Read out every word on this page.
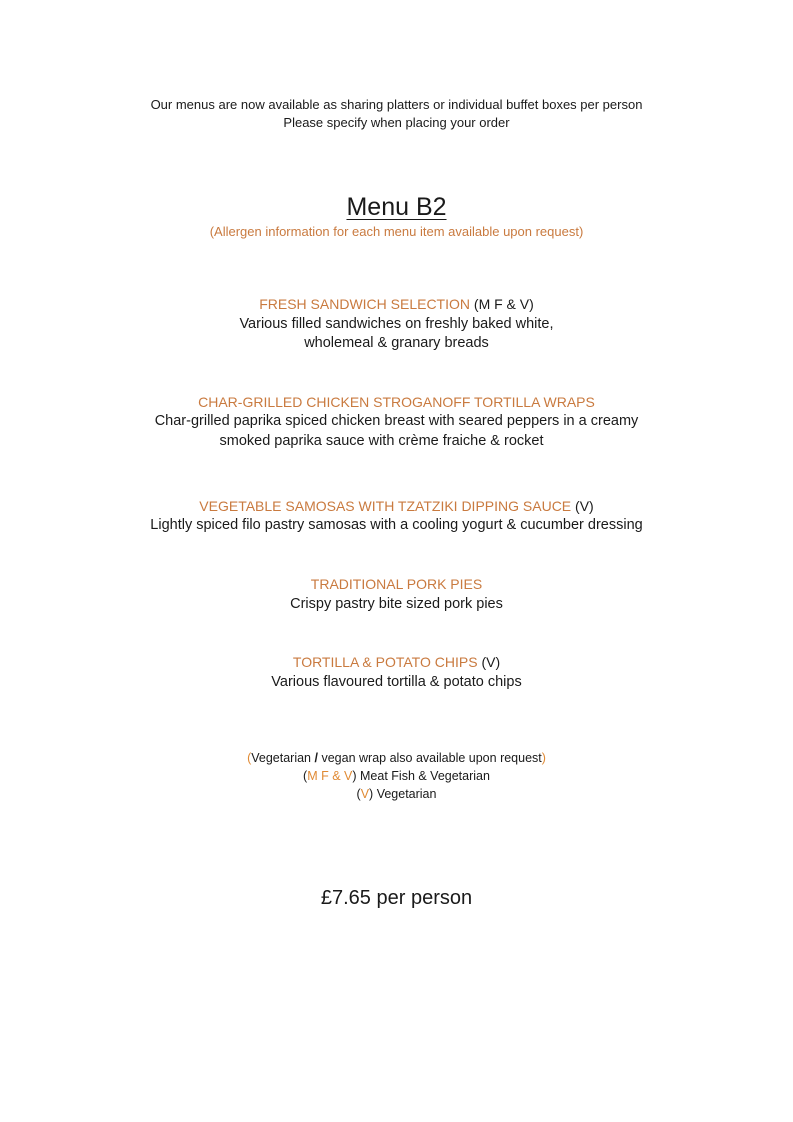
Our menus are now available as sharing platters or individual buffet boxes per person
Please specify when placing your order
Menu B2
(Allergen information for each menu item available upon request)
FRESH SANDWICH SELECTION (M F & V)
Various filled sandwiches on freshly baked white,
wholemeal & granary breads
CHAR-GRILLED CHICKEN STROGANOFF TORTILLA WRAPS
Char-grilled paprika spiced chicken breast with seared peppers in a creamy
smoked paprika sauce with crème fraiche & rocket
VEGETABLE SAMOSAS WITH TZATZIKI DIPPING SAUCE (V)
Lightly spiced filo pastry samosas with a cooling yogurt & cucumber dressing
TRADITIONAL PORK PIES
Crispy pastry bite sized pork pies
TORTILLA & POTATO CHIPS (V)
Various flavoured tortilla & potato chips
(Vegetarian / vegan wrap also available upon request)
(M F & V) Meat Fish & Vegetarian
(V) Vegetarian
£7.65 per person
